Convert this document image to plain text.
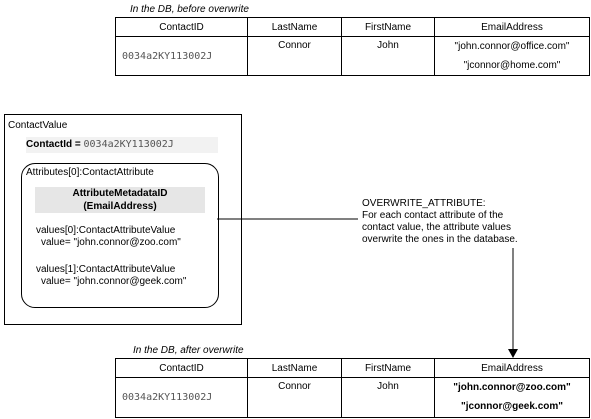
In the DB, before overwrite
ContactID	LastName	FirstName	EmailAddress
0034a2KY113002J	Connor	John	"john.connor@office.com"
"jconnor@home.com"
ContactValue
ContactId = 0034a2KY113002J
Attributes[0]:ContactAttribute
AttributeMetadataID
(EmailAddress)
values[0]:ContactAttributeValue
value= "john.connor@zoo.com"
values[1]:ContactAttributeValue
value= "john.connor@geek.com"
OVERWRITE_ATTRIBUTE:
For each contact attribute of the
contact value, the attribute values
overwrite the ones in the database.
In the DB, after overwrite
ContactID	LastName	FirstName	EmailAddress
0034a2KY113002J	Connor	John	"john.connor@zoo.com"
"jconnor@geek.com"
